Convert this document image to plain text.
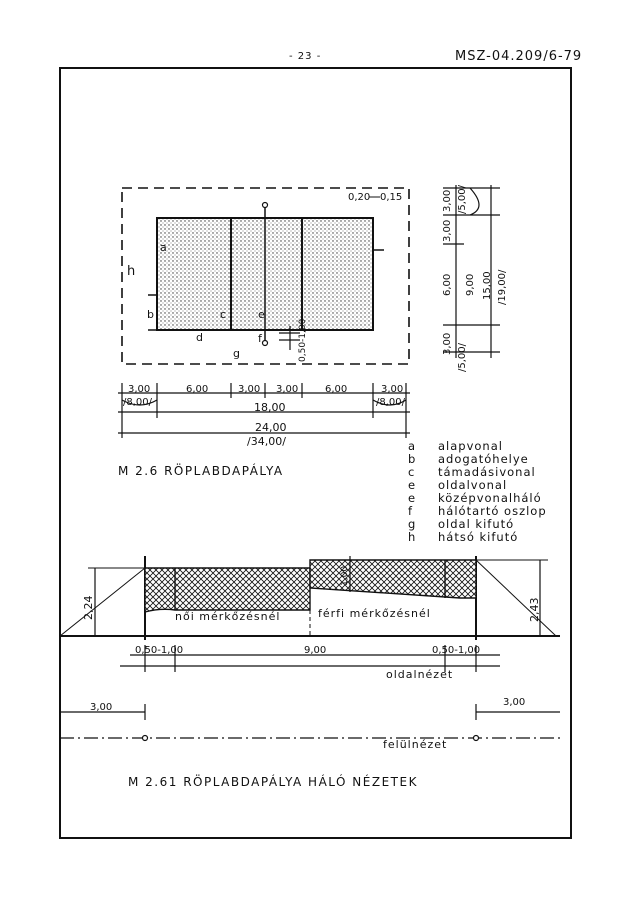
- 23 -	MSZ-04.209/6-79
0,20 0,15
a
h
b	c	e
d	f
g	0,50-1,00
3,00 /5,00/
3,00
6,00 9,00 15,00 /19,00/
3,00 /5,00/
3,00
/8,00/
6,00	3,00 3,00	6,00	3,00
/8,00/
18,00
24,00
/34,00/
2,24	2,43
1,00
női mérkőzésnél	férfi mérkőzésnél
0,50-1,00	9,00	0,50-1,00
oldalnézet
3,00	3,00
felülnézet
M 2.6 RÖPLABDAPÁLYA
M 2.61 RÖPLABDAPÁLYA HÁLÓ NÉZETEK
a alapvonal
b adogatóhelye
c támadásivonal
e oldalvonal
e középvonalháló
f hálótartó oszlop
g oldal kifutó
h hátsó kifutó
